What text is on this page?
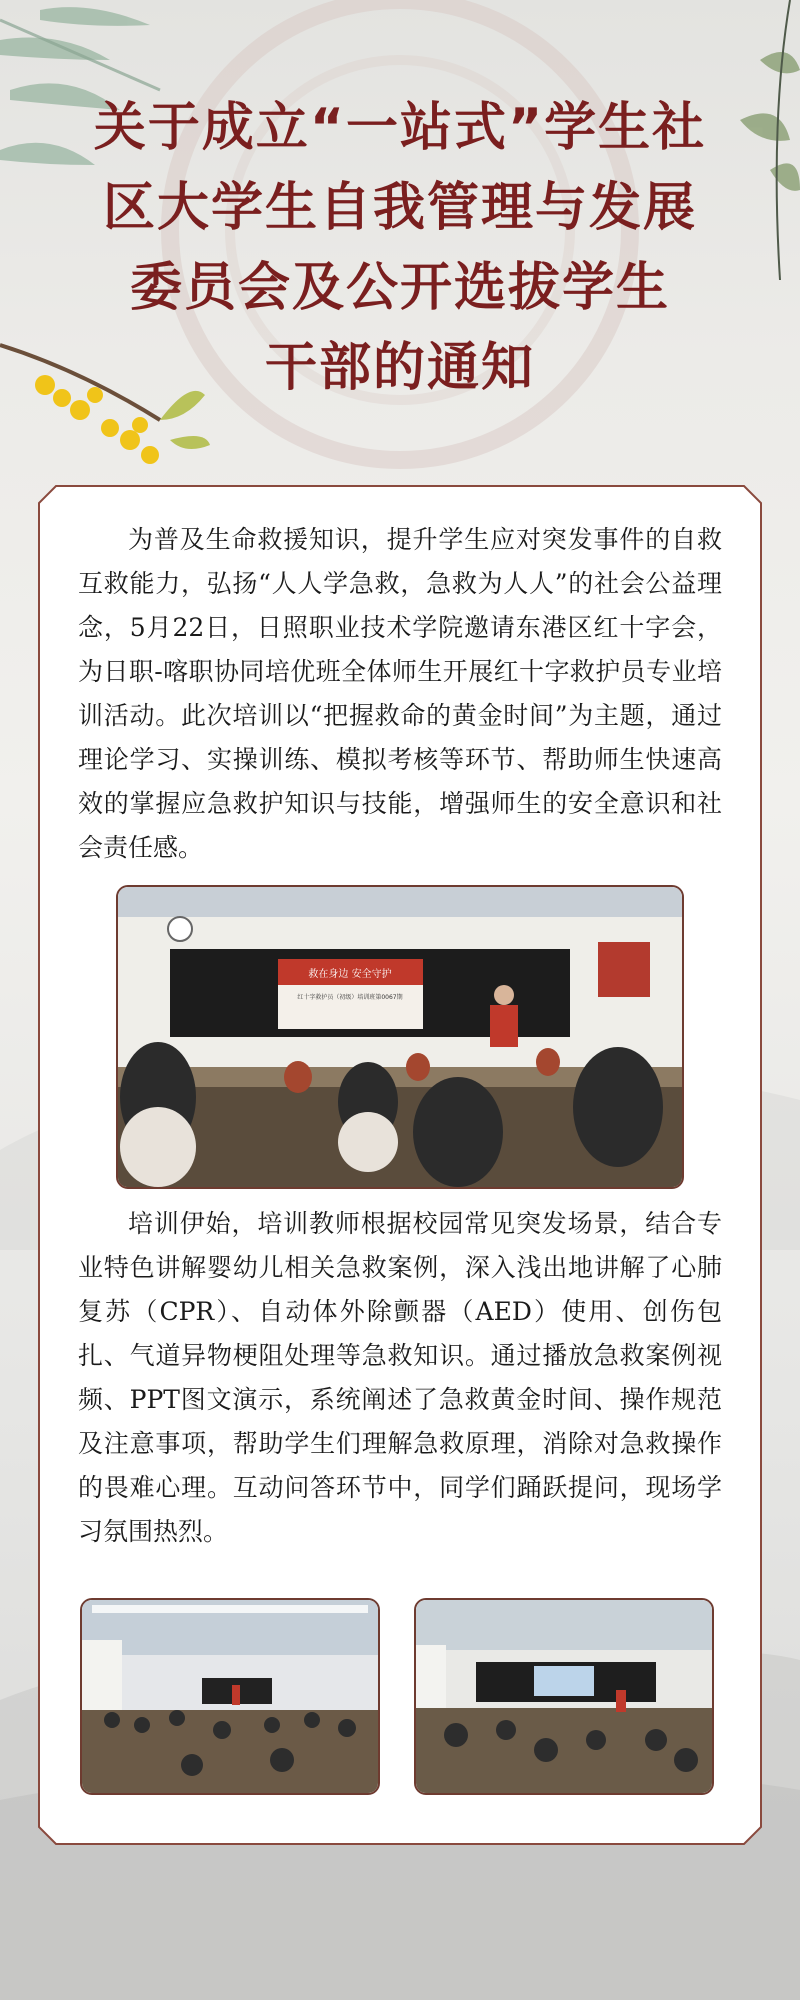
关于成立“一站式”学生社
区大学生自我管理与发展
委员会及公开选拔学生
干部的通知

为普及生命救援知识，提升学生应对突发事件的自救互救能力，弘扬“人人学急救，急救为人人”的社会公益理念，5月22日，日照职业技术学院邀请东港区红十字会，为日职-喀职协同培优班全体师生开展红十字救护员专业培训活动。此次培训以“把握救命的黄金时间”为主题，通过理论学习、实操训练、模拟考核等环节、帮助师生快速高效的掌握应急救护知识与技能，增强师生的安全意识和社会责任感。

救在身边 安全守护
红十字救护员（初级）培训班第0067期

培训伊始，培训教师根据校园常见突发场景，结合专业特色讲解婴幼儿相关急救案例，深入浅出地讲解了心肺复苏（CPR）、自动体外除颤器（AED）使用、创伤包扎、气道异物梗阻处理等急救知识。通过播放急救案例视频、PPT图文演示，系统阐述了急救黄金时间、操作规范及注意事项，帮助学生们理解急救原理，消除对急救操作的畏难心理。互动问答环节中，同学们踊跃提问，现场学习氛围热烈。
